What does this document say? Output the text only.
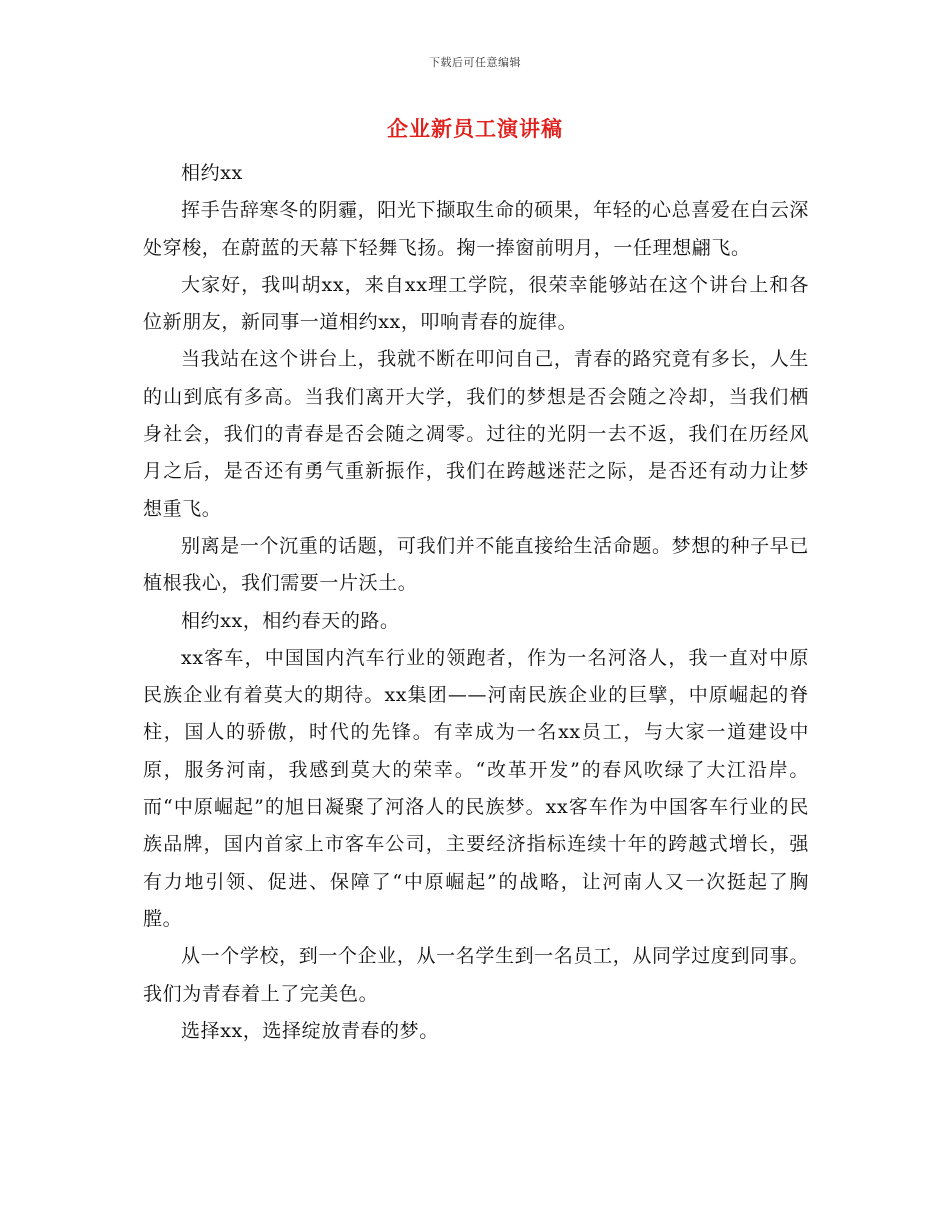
下载后可任意编辑
企业新员工演讲稿

相约xx

挥手告辞寒冬的阴霾，阳光下撷取生命的硕果，年轻的心总喜爱在白云深处穿梭，在蔚蓝的天幕下轻舞飞扬。掬一捧窗前明月，一任理想翩飞。

大家好，我叫胡xx，来自xx理工学院，很荣幸能够站在这个讲台上和各位新朋友，新同事一道相约xx，叩响青春的旋律。

当我站在这个讲台上，我就不断在叩问自己，青春的路究竟有多长，人生的山到底有多高。当我们离开大学，我们的梦想是否会随之冷却，当我们栖身社会，我们的青春是否会随之凋零。过往的光阴一去不返，我们在历经风月之后，是否还有勇气重新振作，我们在跨越迷茫之际，是否还有动力让梦想重飞。

别离是一个沉重的话题，可我们并不能直接给生活命题。梦想的种子早已植根我心，我们需要一片沃土。

相约xx，相约春天的路。

xx客车，中国国内汽车行业的领跑者，作为一名河洛人，我一直对中原民族企业有着莫大的期待。xx集团——河南民族企业的巨擘，中原崛起的脊柱，国人的骄傲，时代的先锋。有幸成为一名xx员工，与大家一道建设中原，服务河南，我感到莫大的荣幸。“改革开发”的春风吹绿了大江沿岸。而“中原崛起”的旭日凝聚了河洛人的民族梦。xx客车作为中国客车行业的民族品牌，国内首家上市客车公司，主要经济指标连续十年的跨越式增长，强有力地引领、促进、保障了“中原崛起”的战略，让河南人又一次挺起了胸膛。

从一个学校，到一个企业，从一名学生到一名员工，从同学过度到同事。我们为青春着上了完美色。

选择xx，选择绽放青春的梦。
